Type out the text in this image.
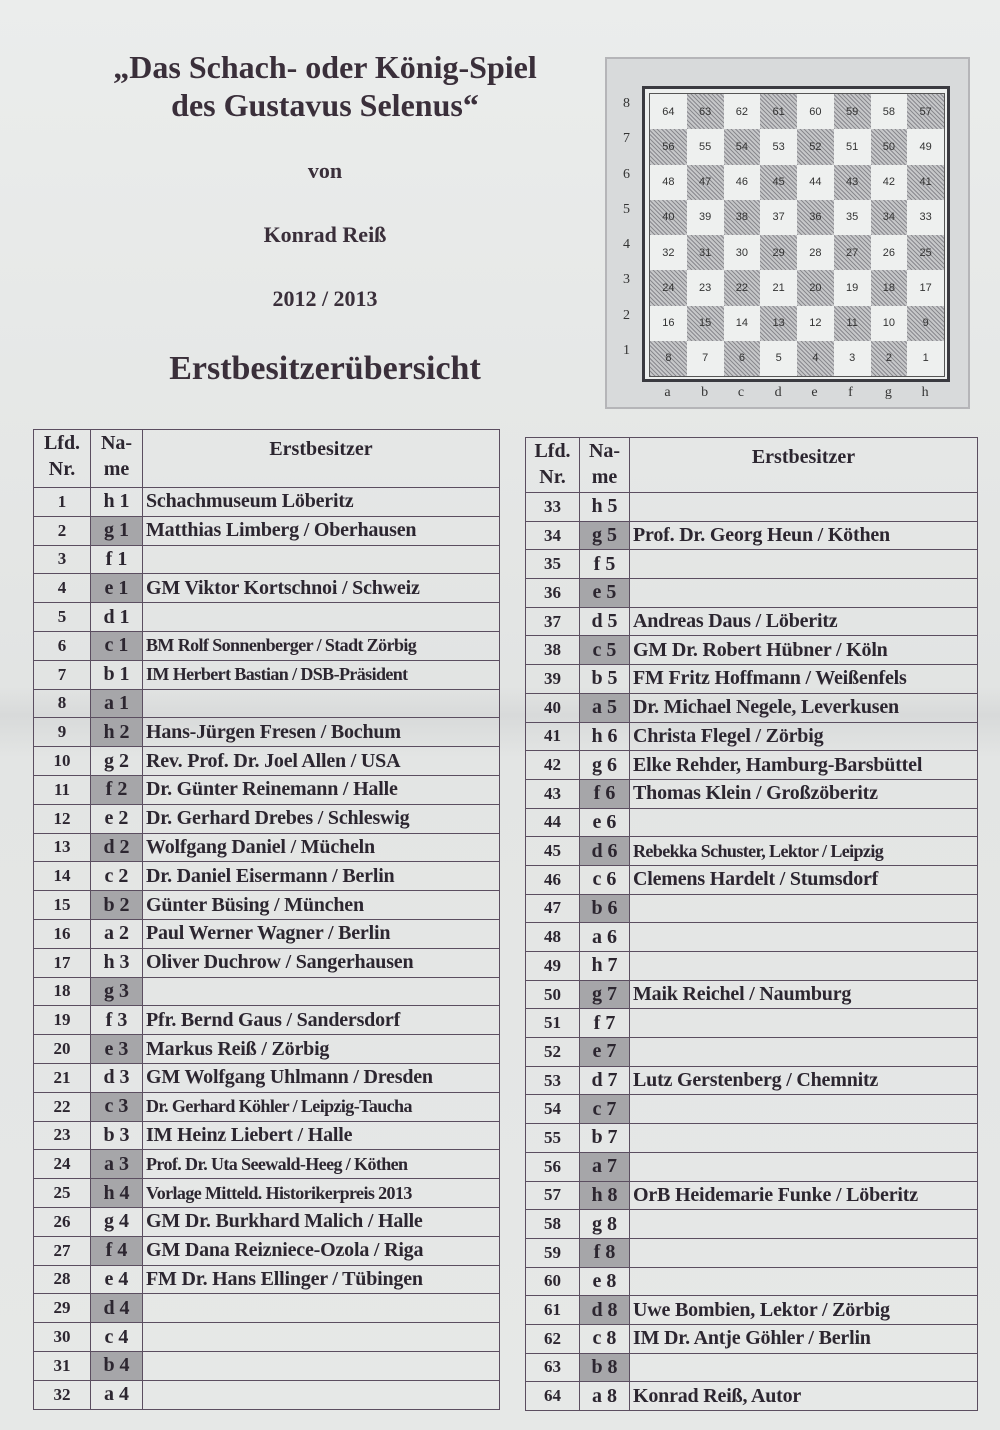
„Das Schach- oder König-Spiel
des Gustavus Selenus“
von
Konrad Reiß
2012 / 2013
Erstbesitzerübersicht
8
7
6
5
4
3
2
1
64	63	62	61	60	59	58	57
56	55	54	53	52	51	50	49
48	47	46	45	44	43	42	41
40	39	38	37	36	35	34	33
32	31	30	29	28	27	26	25
24	23	22	21	20	19	18	17
16	15	14	13	12	11	10	9
8	7	6	5	4	3	2	1
a b c d e f g h
Lfd.
Nr.	Na-
me	Erstbesitzer
1	h 1	Schachmuseum Löberitz
2	g 1	Matthias Limberg / Oberhausen
3	f 1	
4	e 1	GM Viktor Kortschnoi / Schweiz
5	d 1	
6	c 1	BM Rolf Sonnenberger / Stadt Zörbig
7	b 1	IM Herbert Bastian / DSB-Präsident
8	a 1	
9	h 2	Hans-Jürgen Fresen / Bochum
10	g 2	Rev. Prof. Dr. Joel Allen / USA
11	f 2	Dr. Günter Reinemann / Halle
12	e 2	Dr. Gerhard Drebes / Schleswig
13	d 2	Wolfgang Daniel / Mücheln
14	c 2	Dr. Daniel Eisermann / Berlin
15	b 2	Günter Büsing / München
16	a 2	Paul Werner Wagner / Berlin
17	h 3	Oliver Duchrow / Sangerhausen
18	g 3	
19	f 3	Pfr. Bernd Gaus / Sandersdorf
20	e 3	Markus Reiß / Zörbig
21	d 3	GM Wolfgang Uhlmann / Dresden
22	c 3	Dr. Gerhard Köhler / Leipzig-Taucha
23	b 3	IM Heinz Liebert / Halle
24	a 3	Prof. Dr. Uta Seewald-Heeg / Köthen
25	h 4	Vorlage Mitteld. Historikerpreis 2013
26	g 4	GM Dr. Burkhard Malich / Halle
27	f 4	GM Dana Reizniece-Ozola / Riga
28	e 4	FM Dr. Hans Ellinger / Tübingen
29	d 4	
30	c 4	
31	b 4	
32	a 4	
Lfd.
Nr.	Na-
me	Erstbesitzer
33	h 5	
34	g 5	Prof. Dr. Georg Heun / Köthen
35	f 5	
36	e 5	
37	d 5	Andreas Daus / Löberitz
38	c 5	GM Dr. Robert Hübner / Köln
39	b 5	FM Fritz Hoffmann / Weißenfels
40	a 5	Dr. Michael Negele, Leverkusen
41	h 6	Christa Flegel / Zörbig
42	g 6	Elke Rehder, Hamburg-Barsbüttel
43	f 6	Thomas Klein / Großzöberitz
44	e 6	
45	d 6	Rebekka Schuster, Lektor / Leipzig
46	c 6	Clemens Hardelt / Stumsdorf
47	b 6	
48	a 6	
49	h 7	
50	g 7	Maik Reichel / Naumburg
51	f 7	
52	e 7	
53	d 7	Lutz Gerstenberg / Chemnitz
54	c 7	
55	b 7	
56	a 7	
57	h 8	OrB Heidemarie Funke / Löberitz
58	g 8	
59	f 8	
60	e 8	
61	d 8	Uwe Bombien, Lektor / Zörbig
62	c 8	IM Dr. Antje Göhler / Berlin
63	b 8	
64	a 8	Konrad Reiß, Autor
